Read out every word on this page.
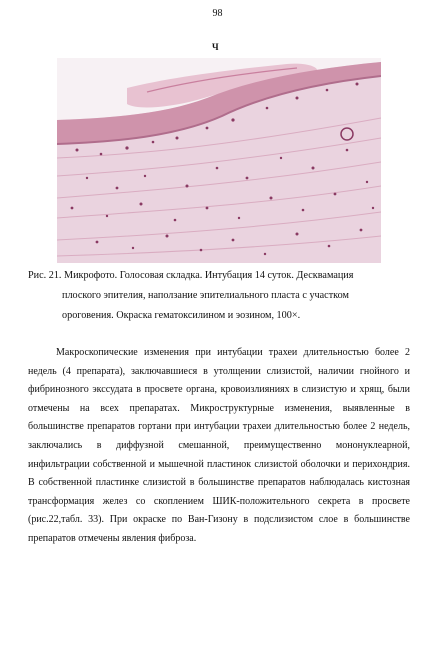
98
Ч
Рис. 21. Микрофото. Голосовая складка. Интубация 14 суток. Десквамация
плоского эпителия, наползание эпителиального пласта с участком
ороговения. Окраска гематоксилином и эозином, 100×.
Макроскопические изменения при интубации трахеи длительностью более 2 недель (4 препарата), заключавшиеся в утолщении слизистой, наличии гнойного и фибринозного экссудата в просвете органа, кровоизлияниях в слизистую и хрящ, были отмечены на всех препаратах. Микроструктурные изменения, выявленные в большинстве препаратов гортани при интубации трахеи длительностью более 2 недель, заключались в диффузной смешанной, преимущественно мононуклеарной, инфильтрации собственной и мышечной пластинок слизистой оболочки и перихондрия. В собственной пластинке слизистой в большинстве препаратов наблюдалась кистозная трансформация желез со скоплением ШИК-положительного секрета в просвете (рис.22,табл. 33). При окраске по Ван-Гизону в подслизистом слое в большинстве препаратов отмечены явления фиброза.
